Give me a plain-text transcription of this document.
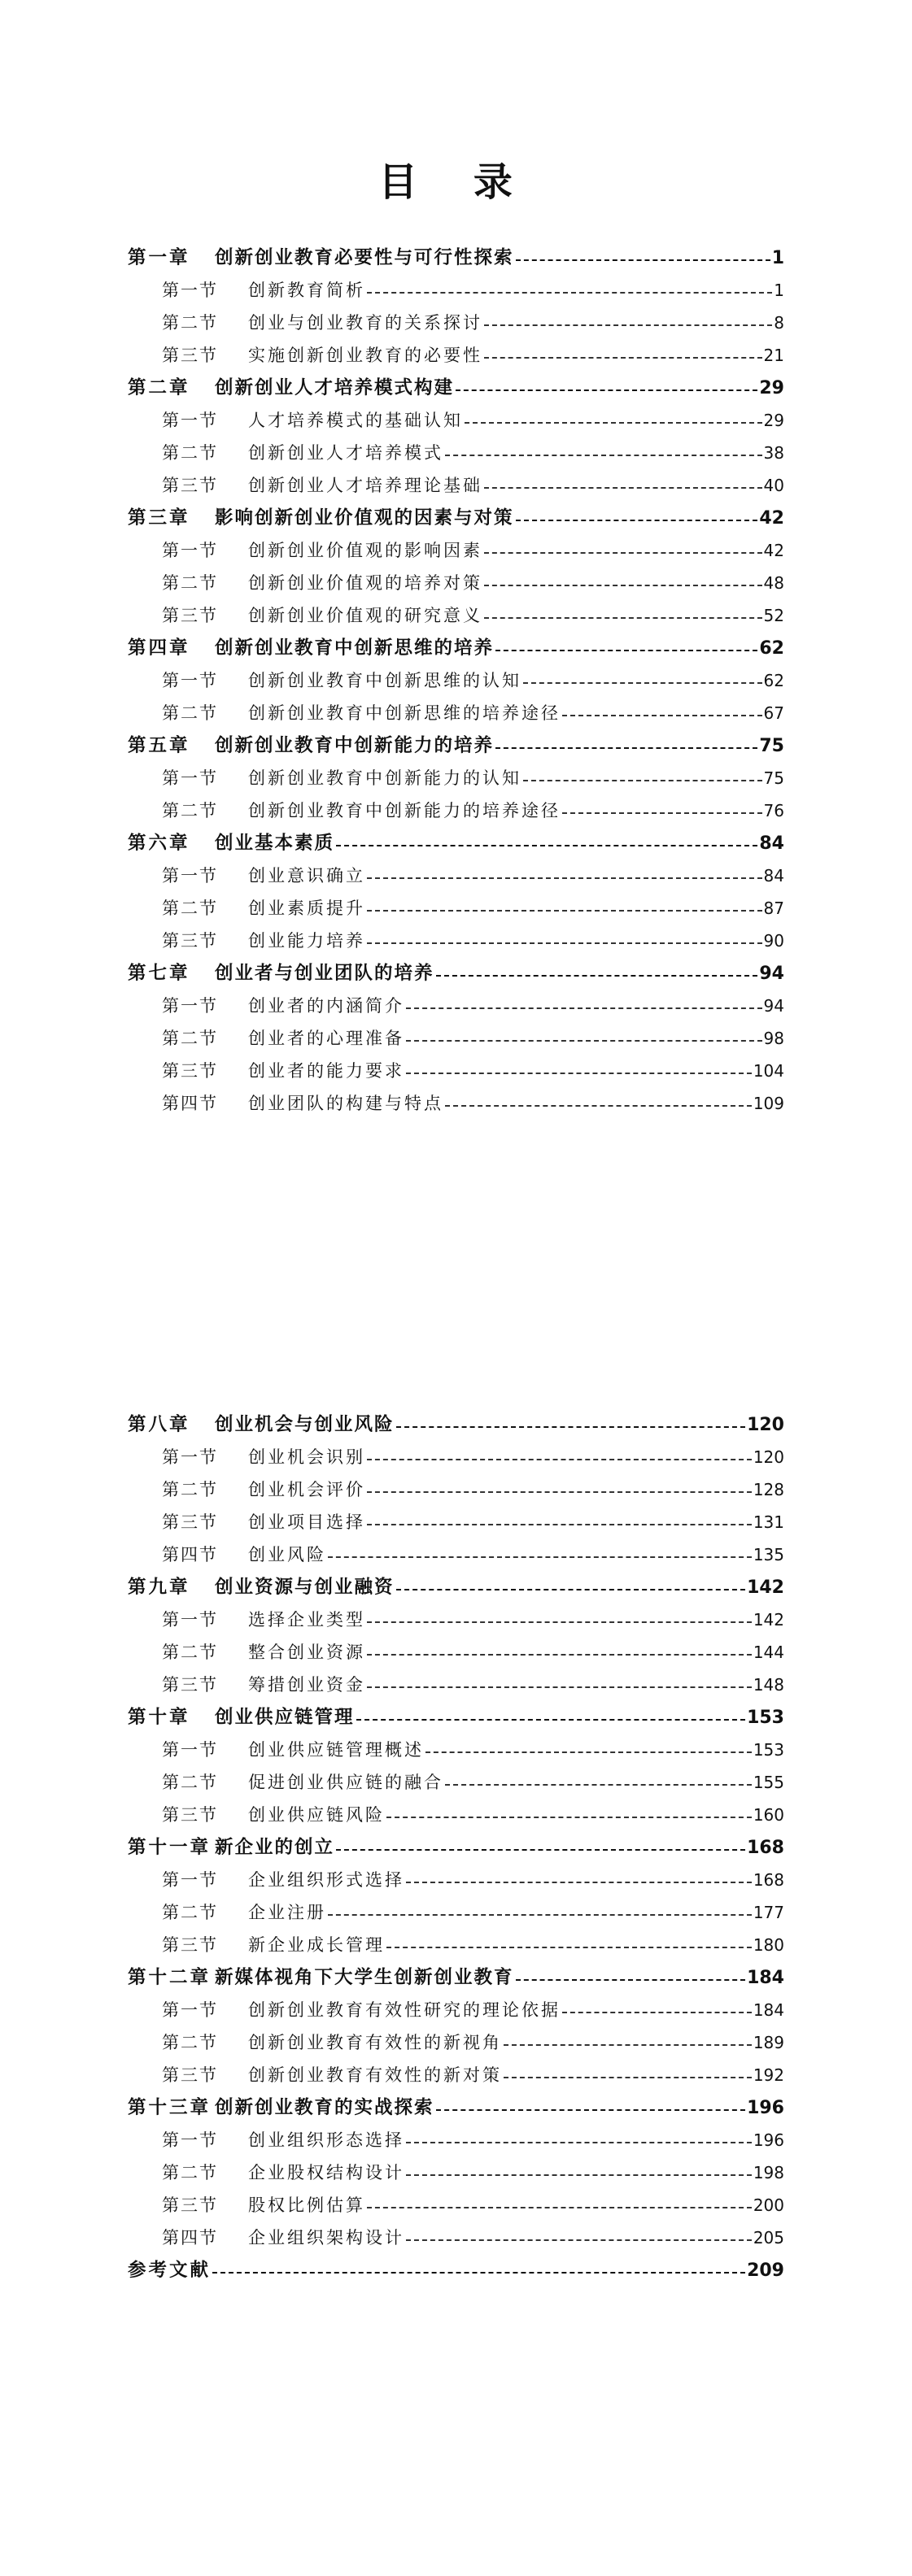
目 录
第一章	创新创业教育必要性与可行性探索	1
第一节	创新教育简析	1
第二节	创业与创业教育的关系探讨	8
第三节	实施创新创业教育的必要性	21
第二章	创新创业人才培养模式构建	29
第一节	人才培养模式的基础认知	29
第二节	创新创业人才培养模式	38
第三节	创新创业人才培养理论基础	40
第三章	影响创新创业价值观的因素与对策	42
第一节	创新创业价值观的影响因素	42
第二节	创新创业价值观的培养对策	48
第三节	创新创业价值观的研究意义	52
第四章	创新创业教育中创新思维的培养	62
第一节	创新创业教育中创新思维的认知	62
第二节	创新创业教育中创新思维的培养途径	67
第五章	创新创业教育中创新能力的培养	75
第一节	创新创业教育中创新能力的认知	75
第二节	创新创业教育中创新能力的培养途径	76
第六章	创业基本素质	84
第一节	创业意识确立	84
第二节	创业素质提升	87
第三节	创业能力培养	90
第七章	创业者与创业团队的培养	94
第一节	创业者的内涵简介	94
第二节	创业者的心理准备	98
第三节	创业者的能力要求	104
第四节	创业团队的构建与特点	109
第八章	创业机会与创业风险	120
第一节	创业机会识别	120
第二节	创业机会评价	128
第三节	创业项目选择	131
第四节	创业风险	135
第九章	创业资源与创业融资	142
第一节	选择企业类型	142
第二节	整合创业资源	144
第三节	筹措创业资金	148
第十章	创业供应链管理	153
第一节	创业供应链管理概述	153
第二节	促进创业供应链的融合	155
第三节	创业供应链风险	160
第十一章 新企业的创立	168
第一节	企业组织形式选择	168
第二节	企业注册	177
第三节	新企业成长管理	180
第十二章 新媒体视角下大学生创新创业教育	184
第一节	创新创业教育有效性研究的理论依据	184
第二节	创新创业教育有效性的新视角	189
第三节	创新创业教育有效性的新对策	192
第十三章 创新创业教育的实战探索	196
第一节	创业组织形态选择	196
第二节	企业股权结构设计	198
第三节	股权比例估算	200
第四节	企业组织架构设计	205
参考文献	209
